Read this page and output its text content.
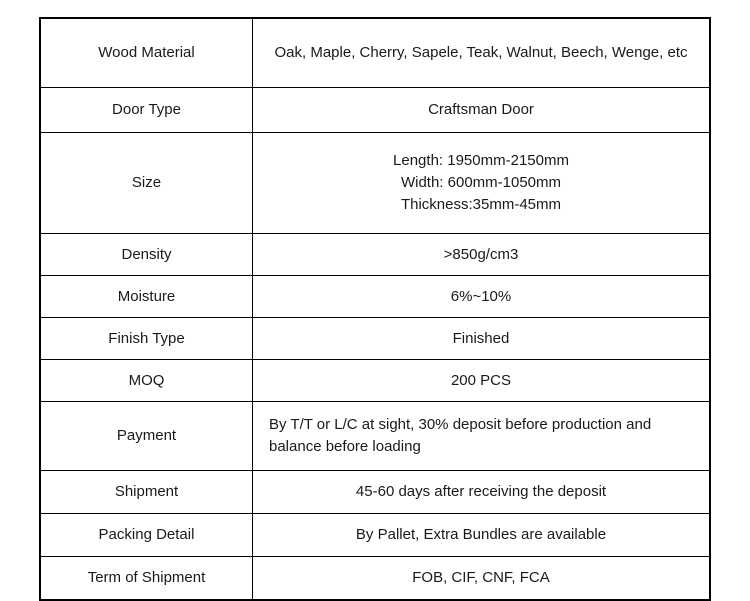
Wood Material	Oak, Maple, Cherry, Sapele, Teak, Walnut, Beech, Wenge, etc
Door Type	Craftsman Door
Size	Length: 1950mm-2150mm
Width: 600mm-1050mm
Thickness:35mm-45mm

Density	>850g/cm3
Moisture	6%~10%
Finish Type	Finished
MOQ	200 PCS
Payment	By T/T or L/C at sight, 30% deposit before production and balance before loading
Shipment	45-60 days after receiving the deposit
Packing Detail	By Pallet, Extra Bundles are available
Term of Shipment	FOB, CIF, CNF, FCA
